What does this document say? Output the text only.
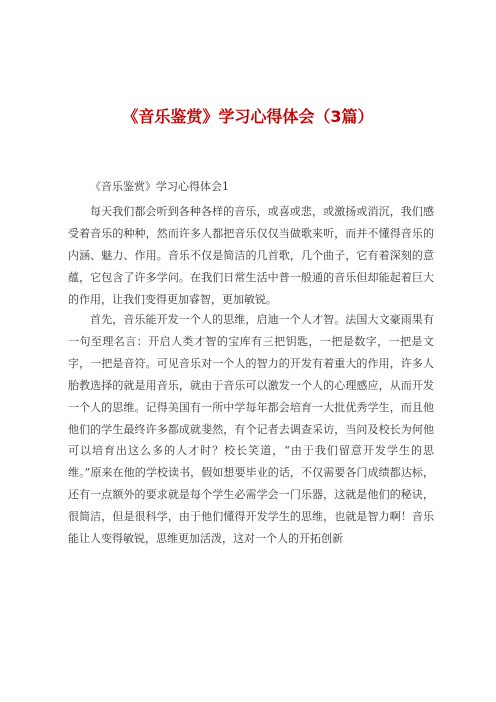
《音乐鉴赏》学习心得体会（3篇）
《音乐鉴赏》学习心得体会1

每天我们都会听到各种各样的音乐，或喜或悲，或激扬或消沉，我们感受着音乐的种种，然而许多人都把音乐仅仅当做歌来听，而并不懂得音乐的内涵、魅力、作用。音乐不仅是简洁的几首歌，几个曲子，它有着深刻的意蕴，它包含了许多学问。在我们日常生活中普一般通的音乐但却能起着巨大的作用，让我们变得更加睿智，更加敏锐。

首先，音乐能开发一个人的思维，启迪一个人才智。法国大文豪雨果有一句至理名言：开启人类才智的宝库有三把钥匙，一把是数字，一把是文字，一把是音符。可见音乐对一个人的智力的开发有着重大的作用，许多人胎教选择的就是用音乐，就由于音乐可以激发一个人的心理感应，从而开发一个人的思维。记得美国有一所中学每年都会培育一大批优秀学生，而且他他们的学生最终许多都成就斐然，有个记者去调查采访，当问及校长为何他可以培育出这么多的人才时？校长笑道，“由于我们留意开发学生的思维。”原来在他的学校读书，假如想要毕业的话，不仅需要各门成绩都达标，还有一点额外的要求就是每个学生必需学会一门乐器，这就是他们的秘诀，很简洁，但是很科学，由于他们懂得开发学生的思维，也就是智力啊！音乐能让人变得敏锐，思维更加活泼，这对一个人的开拓创新
